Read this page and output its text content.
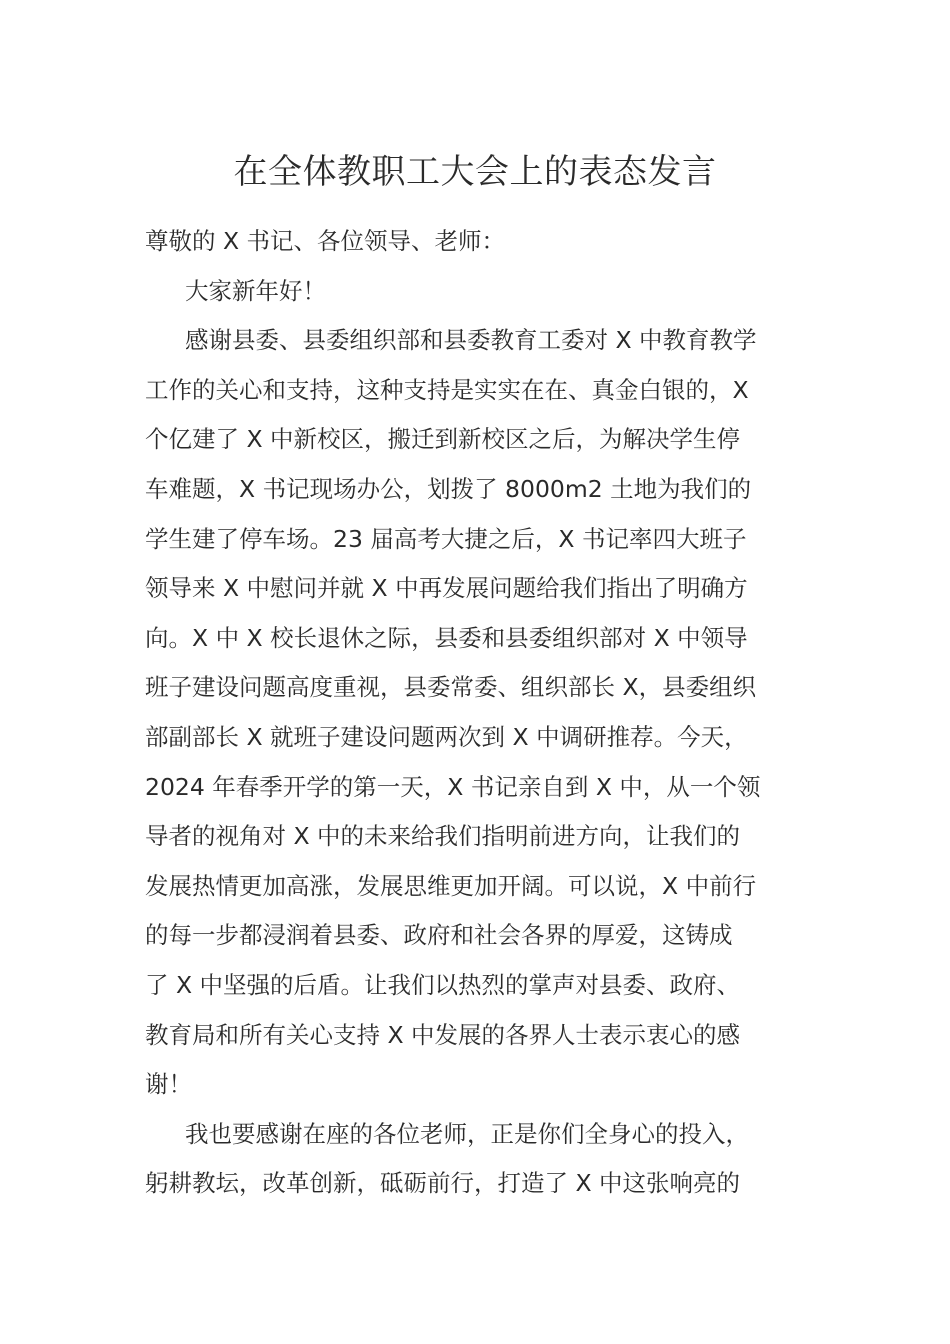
在全体教职工大会上的表态发言
尊敬的 X 书记、各位领导、老师：
大家新年好！
感谢县委、县委组织部和县委教育工委对 X 中教育教学
工作的关心和支持，这种支持是实实在在、真金白银的，X
个亿建了 X 中新校区，搬迁到新校区之后，为解决学生停
车难题，X 书记现场办公，划拨了 8000m2 土地为我们的
学生建了停车场。23 届高考大捷之后，X 书记率四大班子
领导来 X 中慰问并就 X 中再发展问题给我们指出了明确方
向。X 中 X 校长退休之际，县委和县委组织部对 X 中领导
班子建设问题高度重视，县委常委、组织部长 X，县委组织
部副部长 X 就班子建设问题两次到 X 中调研推荐。今天，
2024 年春季开学的第一天，X 书记亲自到 X 中，从一个领
导者的视角对 X 中的未来给我们指明前进方向，让我们的
发展热情更加高涨，发展思维更加开阔。可以说，X 中前行
的每一步都浸润着县委、政府和社会各界的厚爱，这铸成
了 X 中坚强的后盾。让我们以热烈的掌声对县委、政府、
教育局和所有关心支持 X 中发展的各界人士表示衷心的感
谢！
我也要感谢在座的各位老师，正是你们全身心的投入，
躬耕教坛，改革创新，砥砺前行，打造了 X 中这张响亮的
